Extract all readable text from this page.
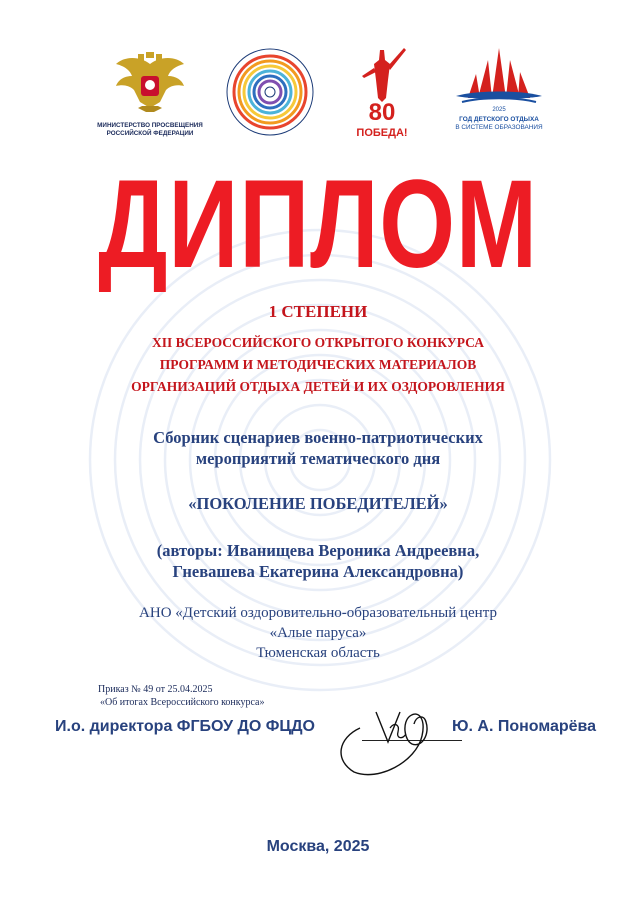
МИНИСТЕРСТВО ПРОСВЕЩЕНИЯ
РОССИЙСКОЙ ФЕДЕРАЦИИ
80
ПОБЕДА!
2025
ГОД ДЕТСКОГО ОТДЫХА
В СИСТЕМЕ ОБРАЗОВАНИЯ
ДИПЛОМ
1 СТЕПЕНИ
XII ВСЕРОССИЙСКОГО ОТКРЫТОГО КОНКУРСА
ПРОГРАММ И МЕТОДИЧЕСКИХ МАТЕРИАЛОВ
ОРГАНИЗАЦИЙ ОТДЫХА ДЕТЕЙ И ИХ ОЗДОРОВЛЕНИЯ
Сборник сценариев военно-патриотических
мероприятий тематического дня
«ПОКОЛЕНИЕ ПОБЕДИТЕЛЕЙ»
(авторы: Иванищева Вероника Андреевна,
Гневашева Екатерина Александровна)
АНО «Детский оздоровительно-образовательный центр
«Алые паруса»
Тюменская область
Приказ № 49 от 25.04.2025
«Об итогах Всероссийского конкурса»
И.о. директора ФГБОУ ДО ФЦДО	Ю. А. Пономарёва
Москва, 2025
